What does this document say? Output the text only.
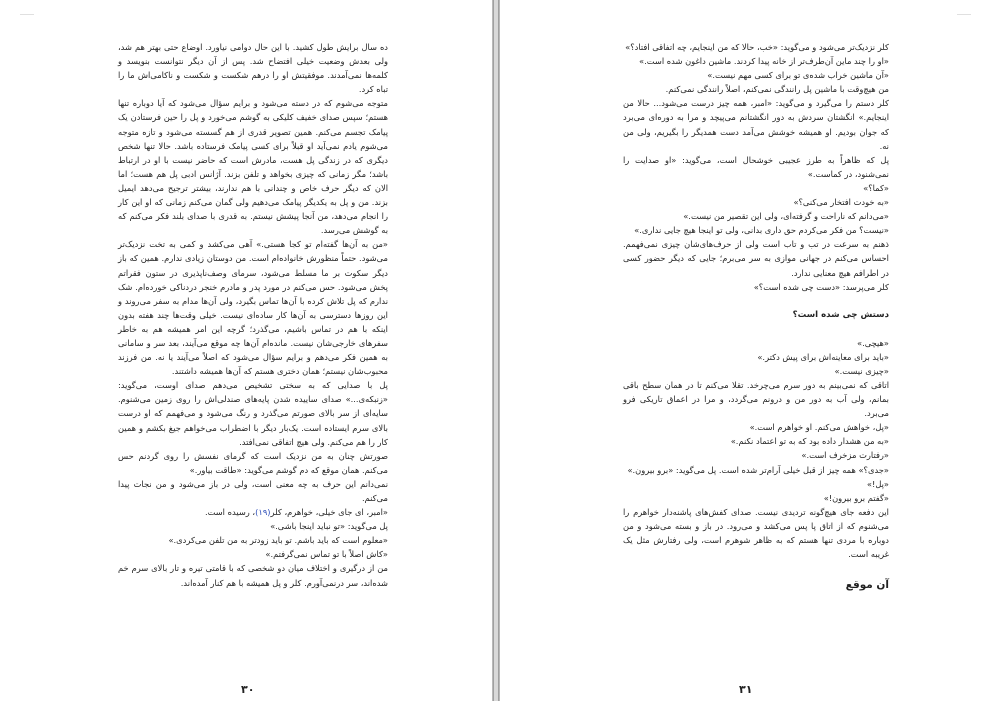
ده سال برایش طول کشید. با این حال دوامی نیاورد. اوضاع حتی بهتر هم شد، ولی بعدش وضعیت خیلی افتضاح شد. پس از آن دیگر نتوانست بنویسد و کلمه‌ها نمی‌آمدند. موفقیتش او را درهم شکست و شکست و ناکامی‌اش ما را تباه کرد.

متوجه می‌شوم که در دسته می‌شود و برایم سؤال می‌شود که آیا دوباره تنها هستم؛ سپس صدای خفیف کلیکی به گوشم می‌خورد و پل را حین فرستادن یک پیامک تجسم می‌کنم. همین تصویر قدری از هم گسسته می‌شود و تازه متوجه می‌شوم یادم نمی‌آید او قبلاً برای کسی پیامک فرستاده باشد. حالا تنها شخص دیگری که در زندگی پل هست، مادرش است که حاضر نیست با او در ارتباط باشد؛ مگر زمانی که چیزی بخواهد و تلفن بزند. آژانس ادبی پل هم هست؛ اما الان که دیگر حرف خاص و چندانی با هم ندارند، بیشتر ترجیح می‌دهد ایمیل بزند. من و پل به یکدیگر پیامک می‌دهیم ولی گمان می‌کنم زمانی که او این کار را انجام می‌دهد، من آنجا پیشش نیستم. به قدری با صدای بلند فکر می‌کنم که به گوشش می‌رسد.

«من به آن‌ها گفته‌ام تو کجا هستی.» آهی می‌کشد و کمی به تخت نزدیک‌تر می‌شود. حتماً منظورش خانواده‌ام است. من دوستان زیادی ندارم. همین که باز دیگر سکوت بر ما مسلط می‌شود، سرمای وصف‌ناپذیری در ستون فقراتم پخش می‌شود. حس می‌کنم در مورد پدر و مادرم خنجر دردناکی خورده‌ام. شک ندارم که پل تلاش کرده با آن‌ها تماس بگیرد، ولی آن‌ها مدام به سفر می‌روند و این روزها دسترسی به آن‌ها کار ساده‌ای نیست. خیلی وقت‌ها چند هفته بدون اینکه با هم در تماس باشیم، می‌گذرد؛ گرچه این امر همیشه هم به خاطر سفرهای خارجی‌شان نیست. مانده‌ام آن‌ها چه موقع می‌آیند، بعد سر و سامانی به همین فکر می‌دهم و برایم سؤال می‌شود که اصلاً می‌آیند یا نه. من فرزند محبوب‌شان نیستم؛ همان دختری هستم که آن‌ها همیشه داشتند.

پل با صدایی که به سختی تشخیص می‌دهم صدای اوست، می‌گوید: «زنبکه‌ی...» صدای ساییده شدن پایه‌های صندلی‌اش را روی زمین می‌شنوم. سایه‌ای از سر بالای صورتم می‌گذرد و رنگ می‌شود و می‌فهمم که او درست بالای سرم ایستاده است. یک‌بار دیگر با اضطراب می‌خواهم جیغ بکشم و همین کار را هم می‌کنم. ولی هیچ اتفاقی نمی‌افتد.

صورتش چنان به من نزدیک است که گرمای نفسش را روی گردنم حس می‌کنم. همان موقع که دم گوشم می‌گوید: «طاقت بیاور.»

نمی‌دانم این حرف به چه معنی است، ولی در باز می‌شود و من نجات پیدا می‌کنم.

«امبر، ای جای خیلی، خواهرم، کلر(۱۹)، رسیده است.

پل می‌گوید: «تو نباید اینجا باشی.»

«معلوم است که باید باشم. تو باید زودتر به من تلفن می‌کردی.»

«کاش اصلاً با تو تماس نمی‌گرفتم.»

من از درگیری و اختلاف میان دو شخصی که با قامتی تیره و تار بالای سرم خم شده‌اند، سر درنمی‌آورم. کلر و پل همیشه با هم کنار آمده‌اند.

۳۰

کلر نزدیک‌تر می‌شود و می‌گوید: «خب، حالا که من اینجایم، چه اتفاقی افتاد؟»

«او را چند ماین آن‌طرف‌تر از خانه پیدا کردند. ماشین داغون شده است.»

«آن ماشین خراب شده‌ی تو برای کسی مهم نیست.»

من هیچ‌وقت با ماشین پل رانندگی نمی‌کنم، اصلاً رانندگی نمی‌کنم.

کلر دستم را می‌گیرد و می‌گوید: «امبر، همه چیز درست می‌شود... حالا من اینجایم.» انگشتان سردش به دور انگشتانم می‌پیچد و مرا به دوره‌ای می‌برد که جوان بودیم. او همیشه خوشش می‌آمد دست همدیگر را بگیریم، ولی من نه.

پل که ظاهراً به طرز عجیبی خوشحال است، می‌گوید: «او صدایت را نمی‌شنود، در کماست.»

«کما؟»

«به خودت افتخار می‌کنی؟»

«می‌دانم که ناراحت و گرفته‌ای، ولی این تقصیر من نیست.»

«نیست؟ من فکر می‌کردم حق داری بدانی، ولی تو اینجا هیچ جایی نداری.»

ذهنم به سرعت در تب و تاب است ولی از حرف‌های‌شان چیزی نمی‌فهمم. احساس می‌کنم در جهانی موازی به سر می‌برم؛ جایی که دیگر حضور کسی در اطرافم هیچ معنایی ندارد.

کلر می‌پرسد: «دست چی شده است؟»

دستش چی شده است؟

«هیچی.»

«باید برای معاینه‌اش برای پیش دکتر.»

«چیزی نیست.»

اتاقی که نمی‌بینم به دور سرم می‌چرخد. تقلا می‌کنم تا در همان سطح باقی بمانم، ولی آب به دور من و درونم می‌گردد، و مرا در اعماق تاریکی فرو می‌برد.

«پل، خواهش می‌کنم. او خواهرم است.»

«به من هشدار داده بود که به تو اعتماد نکنم.»

«رفتارت مزخرف است.»

«جدی؟» همه چیز از قبل خیلی آرام‌تر شده است. پل می‌گوید: «برو بیرون.»

«پل!»

«گفتم برو بیرون!»

این دفعه جای هیچ‌گونه تردیدی نیست. صدای کفش‌های پاشنه‌دار خواهرم را می‌شنوم که از اتاق پا پس می‌کشد و می‌رود. در باز و بسته می‌شود و من دوباره با مردی تنها هستم که به ظاهر شوهرم است، ولی رفتارش مثل یک غریبه است.

آن موقع

۳۱
